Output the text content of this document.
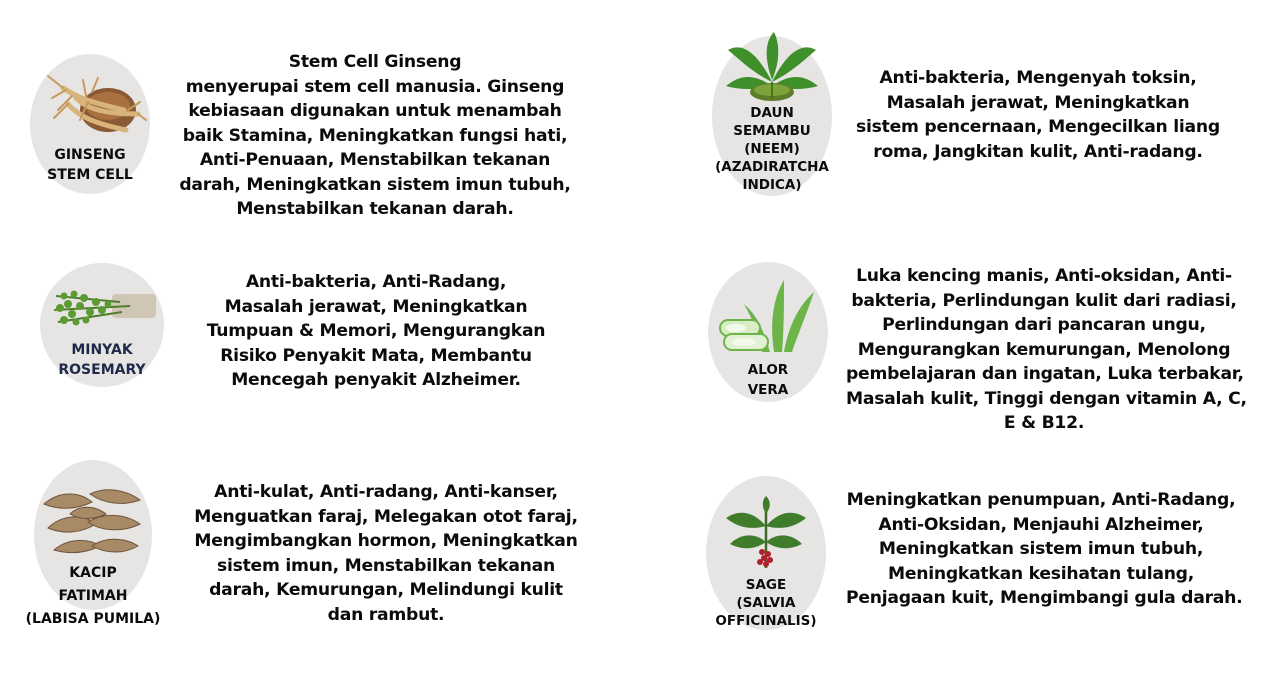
GINSENG
STEM CELL
Stem Cell Ginseng
menyerupai stem cell manusia. Ginseng
kebiasaan digunakan untuk menambah
baik Stamina, Meningkatkan fungsi hati,
Anti-Penuaan, Menstabilkan tekanan
darah, Meningkatkan sistem imun tubuh,
Menstabilkan tekanan darah.
DAUN
SEMAMBU
(NEEM)
(AZADIRATCHA
INDICA)
Anti-bakteria, Mengenyah toksin,
Masalah jerawat, Meningkatkan
sistem pencernaan, Mengecilkan liang
roma, Jangkitan kulit, Anti-radang.
MINYAK
ROSEMARY
Anti-bakteria, Anti-Radang,
Masalah jerawat, Meningkatkan
Tumpuan & Memori, Mengurangkan
Risiko Penyakit Mata, Membantu
Mencegah penyakit Alzheimer.	ALOR
VERA
Luka kencing manis, Anti-oksidan, Anti-
bakteria, Perlindungan kulit dari radiasi,
Perlindungan dari pancaran ungu,
Mengurangkan kemurungan, Menolong
pembelajaran dan ingatan, Luka terbakar,
Masalah kulit, Tinggi dengan vitamin A, C,
E & B12.
KACIP
FATIMAH
(LABISA PUMILA)
Anti-kulat, Anti-radang, Anti-kanser,
Menguatkan faraj, Melegakan otot faraj,
Mengimbangkan hormon, Meningkatkan
sistem imun, Menstabilkan tekanan
darah, Kemurungan, Melindungi kulit
dan rambut.
SAGE
(SALVIA
OFFICINALIS)
Meningkatkan penumpuan, Anti-Radang,
Anti-Oksidan, Menjauhi Alzheimer,
Meningkatkan sistem imun tubuh,
Meningkatkan kesihatan tulang,
Penjagaan kuit, Mengimbangi gula darah.
